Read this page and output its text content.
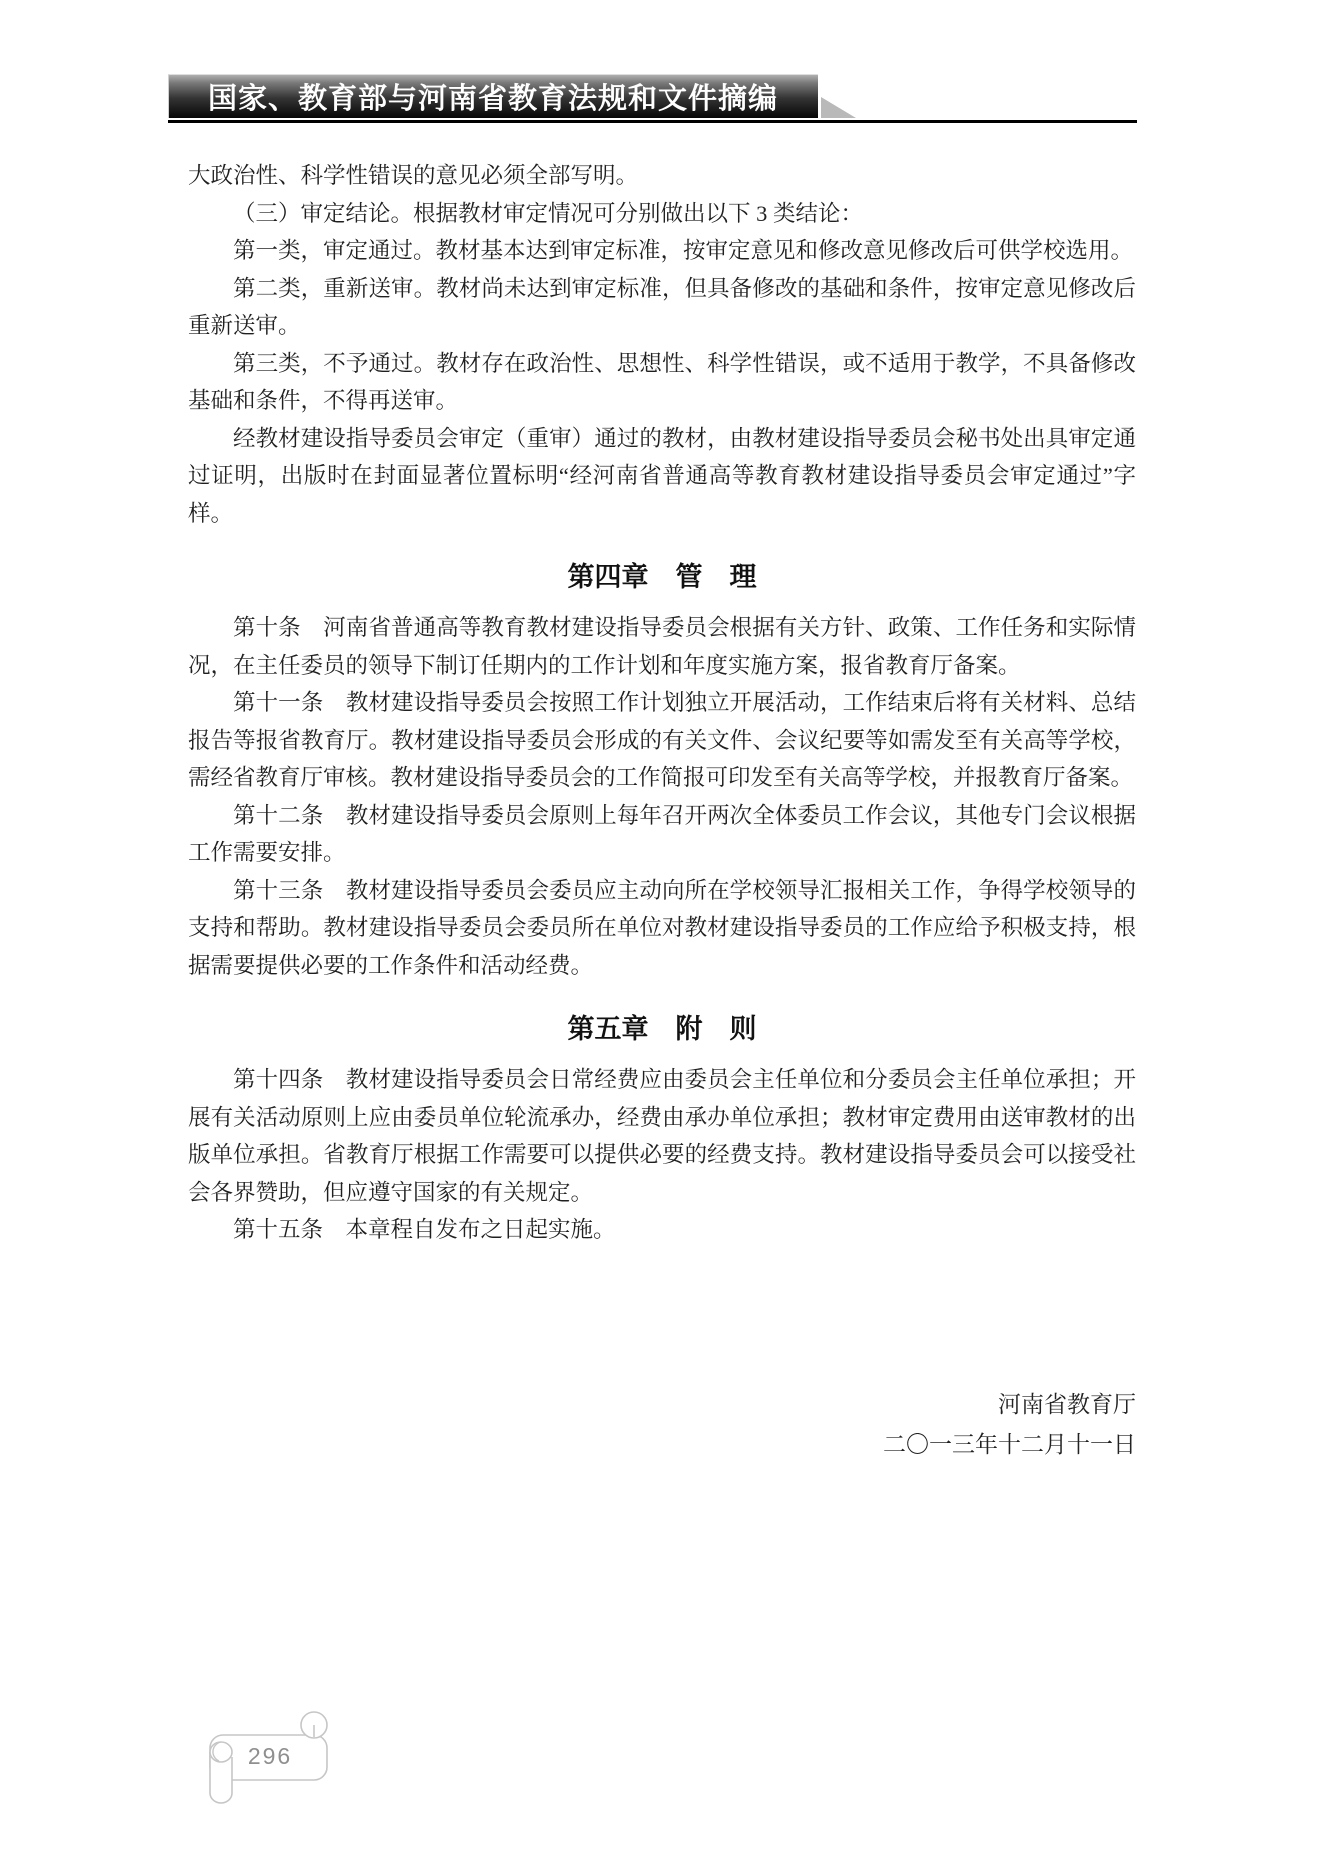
国家、教育部与河南省教育法规和文件摘编

大政治性、科学性错误的意见必须全部写明。

（三）审定结论。根据教材审定情况可分别做出以下 3 类结论：

第一类，审定通过。教材基本达到审定标准，按审定意见和修改意见修改后可供学校选用。

第二类，重新送审。教材尚未达到审定标准，但具备修改的基础和条件，按审定意见修改后重新送审。

第三类，不予通过。教材存在政治性、思想性、科学性错误，或不适用于教学，不具备修改基础和条件，不得再送审。

经教材建设指导委员会审定（重审）通过的教材，由教材建设指导委员会秘书处出具审定通过证明，出版时在封面显著位置标明“经河南省普通高等教育教材建设指导委员会审定通过”字样。

第四章　管　理

第十条　河南省普通高等教育教材建设指导委员会根据有关方针、政策、工作任务和实际情况，在主任委员的领导下制订任期内的工作计划和年度实施方案，报省教育厅备案。

第十一条　教材建设指导委员会按照工作计划独立开展活动，工作结束后将有关材料、总结报告等报省教育厅。教材建设指导委员会形成的有关文件、会议纪要等如需发至有关高等学校，需经省教育厅审核。教材建设指导委员会的工作简报可印发至有关高等学校，并报教育厅备案。

第十二条　教材建设指导委员会原则上每年召开两次全体委员工作会议，其他专门会议根据工作需要安排。

第十三条　教材建设指导委员会委员应主动向所在学校领导汇报相关工作，争得学校领导的支持和帮助。教材建设指导委员会委员所在单位对教材建设指导委员的工作应给予积极支持，根据需要提供必要的工作条件和活动经费。

第五章　附　则

第十四条　教材建设指导委员会日常经费应由委员会主任单位和分委员会主任单位承担；开展有关活动原则上应由委员单位轮流承办，经费由承办单位承担；教材审定费用由送审教材的出版单位承担。省教育厅根据工作需要可以提供必要的经费支持。教材建设指导委员会可以接受社会各界赞助，但应遵守国家的有关规定。

第十五条　本章程自发布之日起实施。

河南省教育厅
二〇一三年十二月十一日
296
